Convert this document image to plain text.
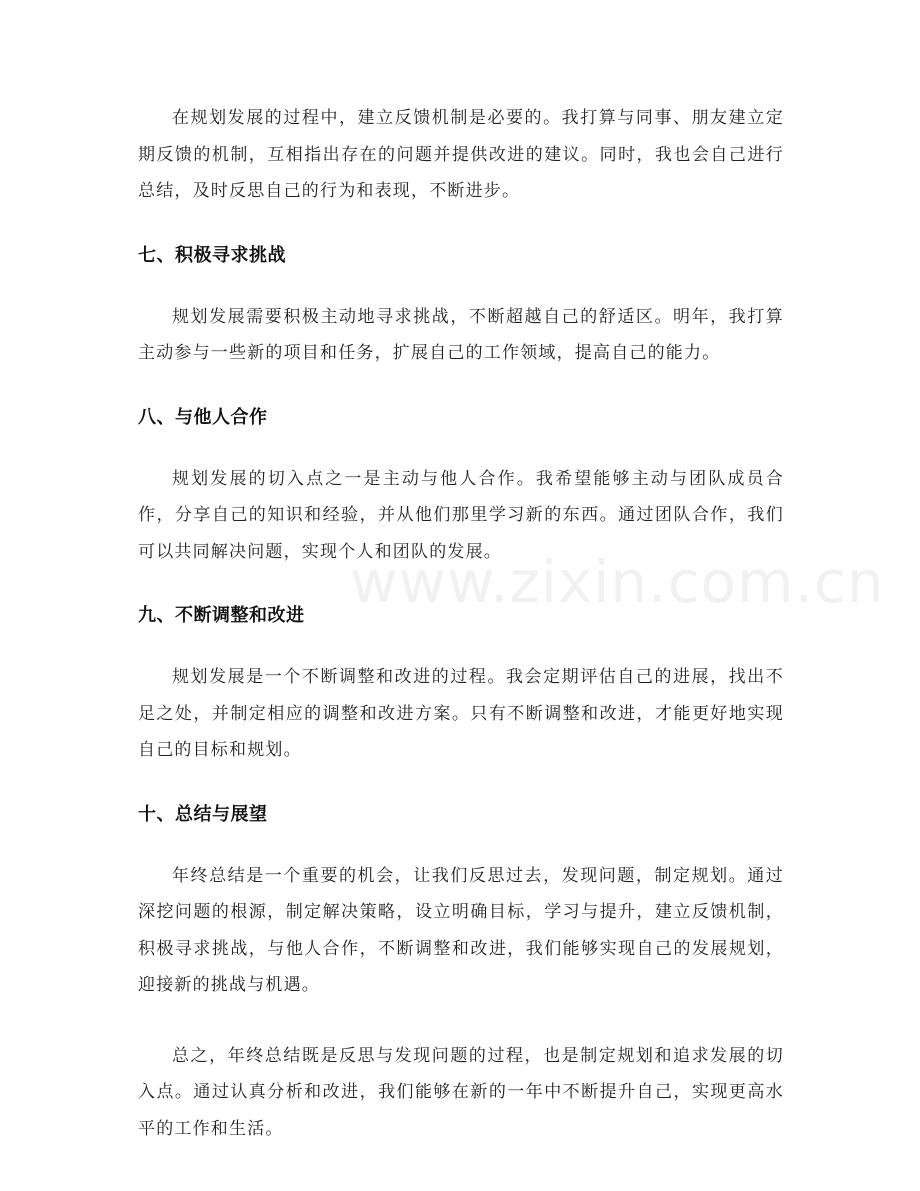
在规划发展的过程中，建立反馈机制是必要的。我打算与同事、朋友建立定期反馈的机制，互相指出存在的问题并提供改进的建议。同时，我也会自己进行总结，及时反思自己的行为和表现，不断进步。

七、积极寻求挑战

规划发展需要积极主动地寻求挑战，不断超越自己的舒适区。明年，我打算主动参与一些新的项目和任务，扩展自己的工作领域，提高自己的能力。

八、与他人合作

规划发展的切入点之一是主动与他人合作。我希望能够主动与团队成员合作，分享自己的知识和经验，并从他们那里学习新的东西。通过团队合作，我们可以共同解决问题，实现个人和团队的发展。

九、不断调整和改进

规划发展是一个不断调整和改进的过程。我会定期评估自己的进展，找出不足之处，并制定相应的调整和改进方案。只有不断调整和改进，才能更好地实现自己的目标和规划。

十、总结与展望

年终总结是一个重要的机会，让我们反思过去，发现问题，制定规划。通过深挖问题的根源，制定解决策略，设立明确目标，学习与提升，建立反馈机制，积极寻求挑战，与他人合作，不断调整和改进，我们能够实现自己的发展规划，迎接新的挑战与机遇。

总之，年终总结既是反思与发现问题的过程，也是制定规划和追求发展的切入点。通过认真分析和改进，我们能够在新的一年中不断提升自己，实现更高水平的工作和生活。

www.zixin.com.cn
